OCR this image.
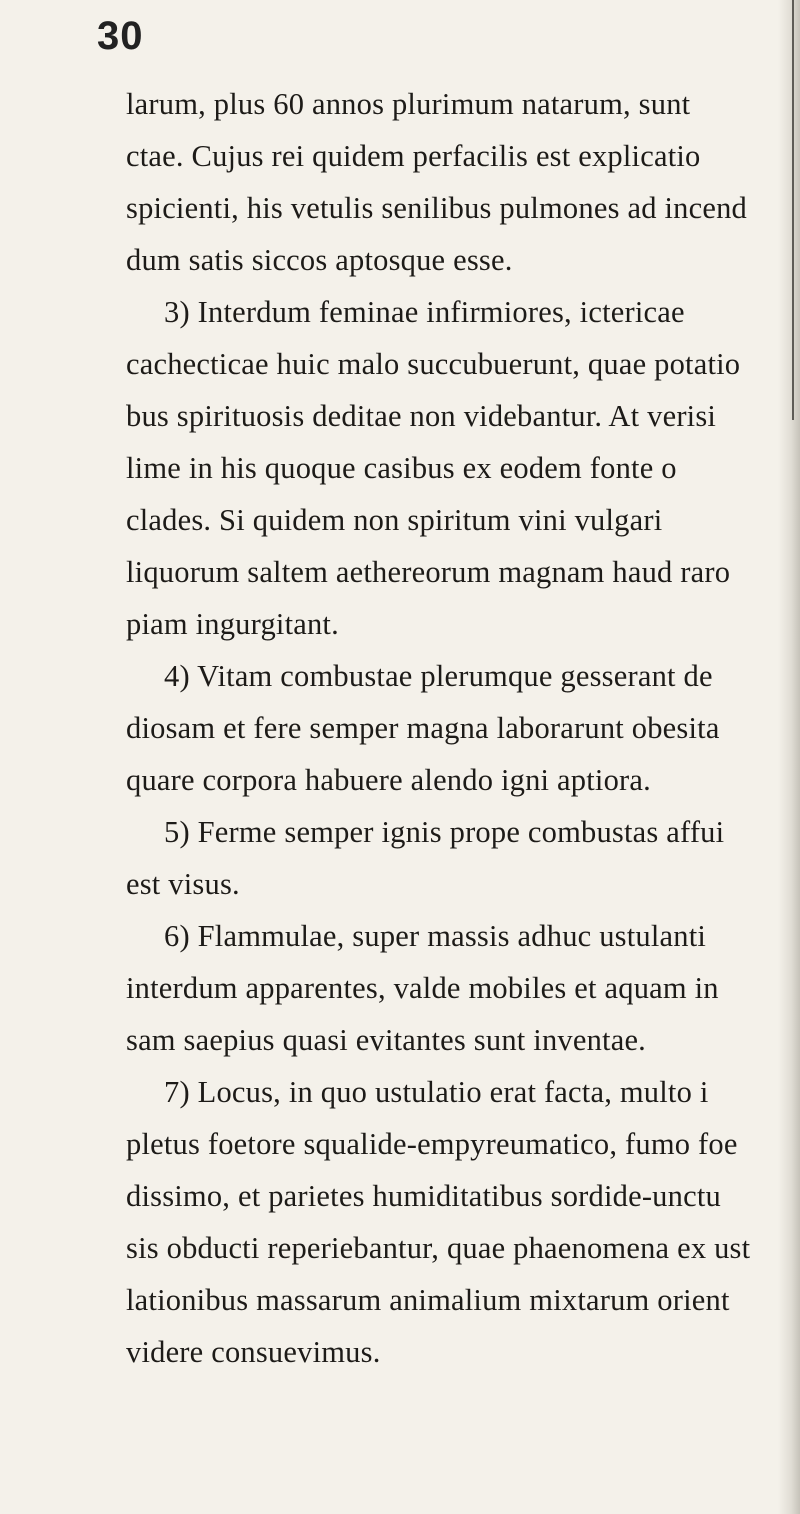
30
larum, plus 60 annos plurimum natarum, sunt
ctae. Cujus rei quidem perfacilis est explicatio
spicienti, his vetulis senilibus pulmones ad incend
dum satis siccos aptosque esse.
3) Interdum feminae infirmiores, ictericae
cachecticae huic malo succubuerunt, quae potatio
bus spirituosis deditae non videbantur. At verisi
lime in his quoque casibus ex eodem fonte o
clades. Si quidem non spiritum vini vulgari
liquorum saltem aethereorum magnam haud raro
piam ingurgitant.
4) Vitam combustae plerumque gesserant de
diosam et fere semper magna laborarunt obesita
quare corpora habuere alendo igni aptiora.
5) Ferme semper ignis prope combustas affui
est visus.
6) Flammulae, super massis adhuc ustulanti
interdum apparentes, valde mobiles et aquam in
sam saepius quasi evitantes sunt inventae.
7) Locus, in quo ustulatio erat facta, multo i
pletus foetore squalide-empyreumatico, fumo foe
dissimo, et parietes humiditatibus sordide-unctu
sis obducti reperiebantur, quae phaenomena ex ust
lationibus massarum animalium mixtarum orient
videre consuevimus.
